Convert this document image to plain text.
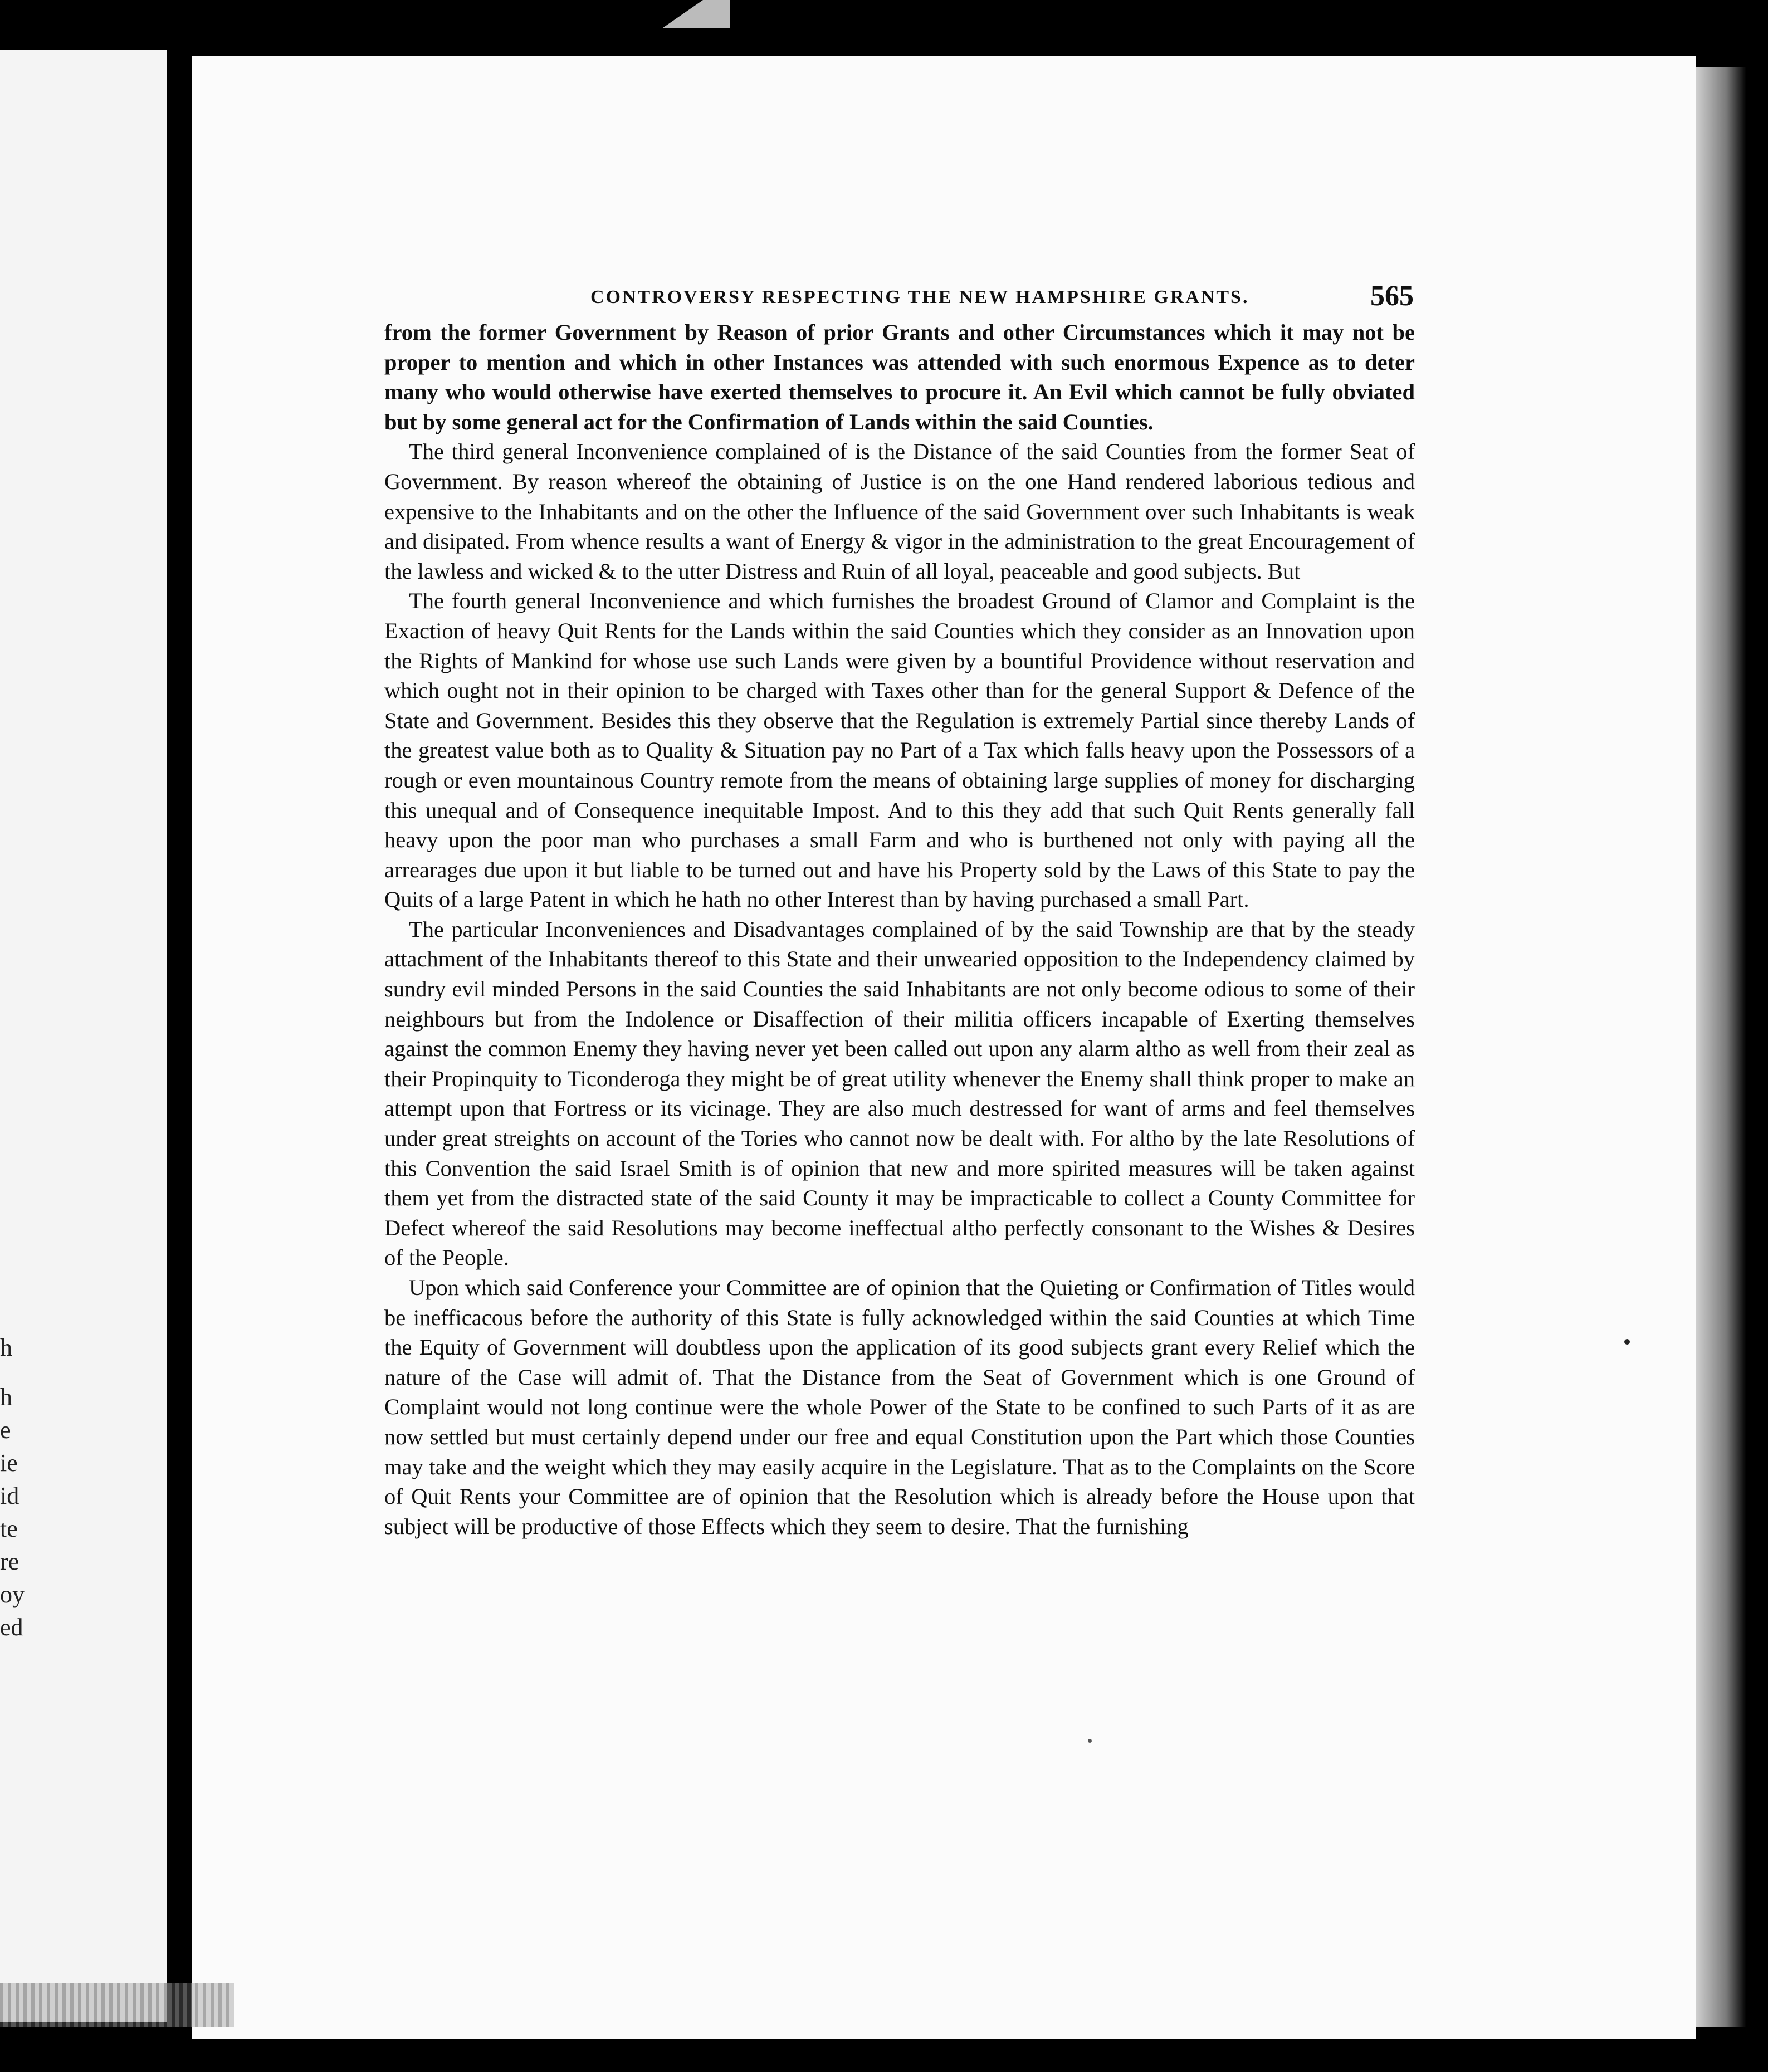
h
h
e
ie
id
te
re
oy
ed
CONTROVERSY RESPECTING THE NEW HAMPSHIRE GRANTS.	565

from the former Government by Reason of prior Grants and other Circumstances which it may not be proper to mention and which in other Instances was attended with such enormous Expence as to deter many who would otherwise have exerted themselves to procure it. An Evil which cannot be fully obviated but by some general act for the Confirmation of Lands within the said Counties.

The third general Inconvenience complained of is the Distance of the said Counties from the former Seat of Government. By reason whereof the obtaining of Justice is on the one Hand rendered laborious tedious and expensive to the Inhabitants and on the other the Influence of the said Government over such Inhabitants is weak and disipated. From whence results a want of Energy & vigor in the administration to the great Encouragement of the lawless and wicked & to the utter Distress and Ruin of all loyal, peaceable and good subjects. But

The fourth general Inconvenience and which furnishes the broadest Ground of Clamor and Complaint is the Exaction of heavy Quit Rents for the Lands within the said Counties which they consider as an Innovation upon the Rights of Mankind for whose use such Lands were given by a bountiful Providence without reservation and which ought not in their opinion to be charged with Taxes other than for the general Support & Defence of the State and Government. Besides this they observe that the Regulation is extremely Partial since thereby Lands of the greatest value both as to Quality & Situation pay no Part of a Tax which falls heavy upon the Possessors of a rough or even mountainous Country remote from the means of obtaining large supplies of money for discharging this unequal and of Consequence inequitable Impost. And to this they add that such Quit Rents generally fall heavy upon the poor man who purchases a small Farm and who is burthened not only with paying all the arrearages due upon it but liable to be turned out and have his Property sold by the Laws of this State to pay the Quits of a large Patent in which he hath no other Interest than by having purchased a small Part.

The particular Inconveniences and Disadvantages complained of by the said Township are that by the steady attachment of the Inhabitants thereof to this State and their unwearied opposition to the Independency claimed by sundry evil minded Persons in the said Counties the said Inhabitants are not only become odious to some of their neighbours but from the Indolence or Disaffection of their militia officers incapable of Exerting themselves against the common Enemy they having never yet been called out upon any alarm altho as well from their zeal as their Propinquity to Ticonderoga they might be of great utility whenever the Enemy shall think proper to make an attempt upon that Fortress or its vicinage. They are also much destressed for want of arms and feel themselves under great streights on account of the Tories who cannot now be dealt with. For altho by the late Resolutions of this Convention the said Israel Smith is of opinion that new and more spirited measures will be taken against them yet from the distracted state of the said County it may be impracticable to collect a County Committee for Defect whereof the said Resolutions may become ineffectual altho perfectly consonant to the Wishes & Desires of the People.

Upon which said Conference your Committee are of opinion that the Quieting or Confirmation of Titles would be inefficacous before the authority of this State is fully acknowledged within the said Counties at which Time the Equity of Government will doubtless upon the application of its good subjects grant every Relief which the nature of the Case will admit of. That the Distance from the Seat of Government which is one Ground of Complaint would not long continue were the whole Power of the State to be confined to such Parts of it as are now settled but must certainly depend under our free and equal Constitution upon the Part which those Counties may take and the weight which they may easily acquire in the Legislature. That as to the Complaints on the Score of Quit Rents your Committee are of opinion that the Resolution which is already before the House upon that subject will be productive of those Effects which they seem to desire. That the furnishing
